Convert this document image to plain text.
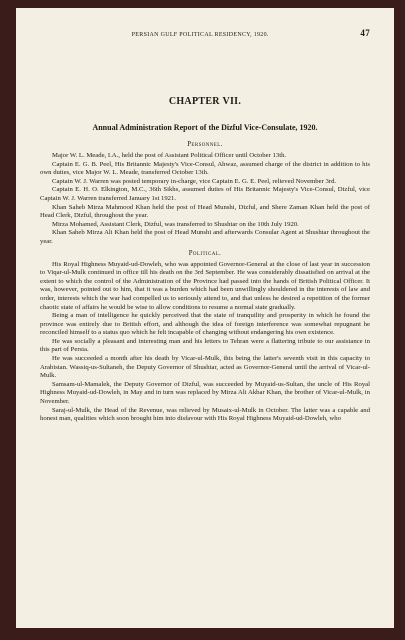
PERSIAN GULF POLITICAL RESIDENCY, 1920.	47
CHAPTER VII.
Annual Administration Report of the Dizful Vice-Consulate, 1920.
Personnel.

Major W. L. Meade, I.A., held the post of Assistant Political Officer until October 13th.

Captain E. G. B. Peel, His Britannic Majesty's Vice-Consul, Ahwaz, assumed charge of the district in addition to his own duties, vice Major W. L. Meade, transferred October 13th.

Captain W. J. Warren was posted temporary in-charge, vice Captain E. G. E. Peel, relieved November 3rd.

Captain E. H. O. Elkington, M.C., 36th Sikhs, assumed duties of His Britannic Majesty's Vice-Consul, Dizful, vice Captain W. J. Warren transferred January 1st 1921.

Khan Saheb Mirza Mahmood Khan held the post of Head Munshi, Dizful, and Shere Zaman Khan held the post of Head Clerk, Dizful, throughout the year.

Mirza Mohamed, Assistant Clerk, Dizful, was transferred to Shushtar on the 10th July 1920.

Khan Saheb Mirza Ali Khan held the post of Head Munshi and afterwards Consular Agent at Shushtar throughout the year.

Political.

His Royal Highness Muyaid-ud-Dowleh, who was appointed Governor-General at the close of last year in succession to Viqar-ul-Mulk continued in office till his death on the 3rd September. He was considerably dissatisfied on arrival at the extent to which the control of the Administration of the Province had passed into the hands of British Political Officer. It was, however, pointed out to him, that it was a burden which had been unwillingly shouldered in the interests of law and order, interests which the war had compelled us to seriously attend to, and that unless he desired a repetition of the former chaotic state of affairs he would be wise to allow conditions to resume a normal state gradually.

Being a man of intelligence he quickly perceived that the state of tranquility and prosperity in which he found the province was entirely due to British effort, and although the idea of foreign interference was somewhat repugnant he reconciled himself to a status quo which he felt incapable of changing without endangering his own existence.

He was socially a pleasant and interesting man and his letters to Tehran were a flattering tribute to our assistance in this part of Persia.

He was succeeded a month after his death by Vicar-ul-Mulk, this being the latter's seventh visit in this capacity to Arabistan. Wassiq-us-Sultaneh, the Deputy Governor of Shushtar, acted as Governor-General until the arrival of Vicar-ul-Mulk.

Samsam-ul-Mamalek, the Deputy Governor of Dizful, was succeeded by Muyaid-us-Sultan, the uncle of His Royal Highness Muyaid-ud-Dowleh, in May and in turn was replaced by Mirza Ali Akbar Khan, the brother of Vicar-ul-Mulk, in November.

Saraj-ul-Mulk, the Head of the Revenue, was relieved by Musaix-ul-Mulk in October. The latter was a capable and honest man, qualities which soon brought him into disfavour with His Royal Highness Muyaid-ud-Dowleh, who
